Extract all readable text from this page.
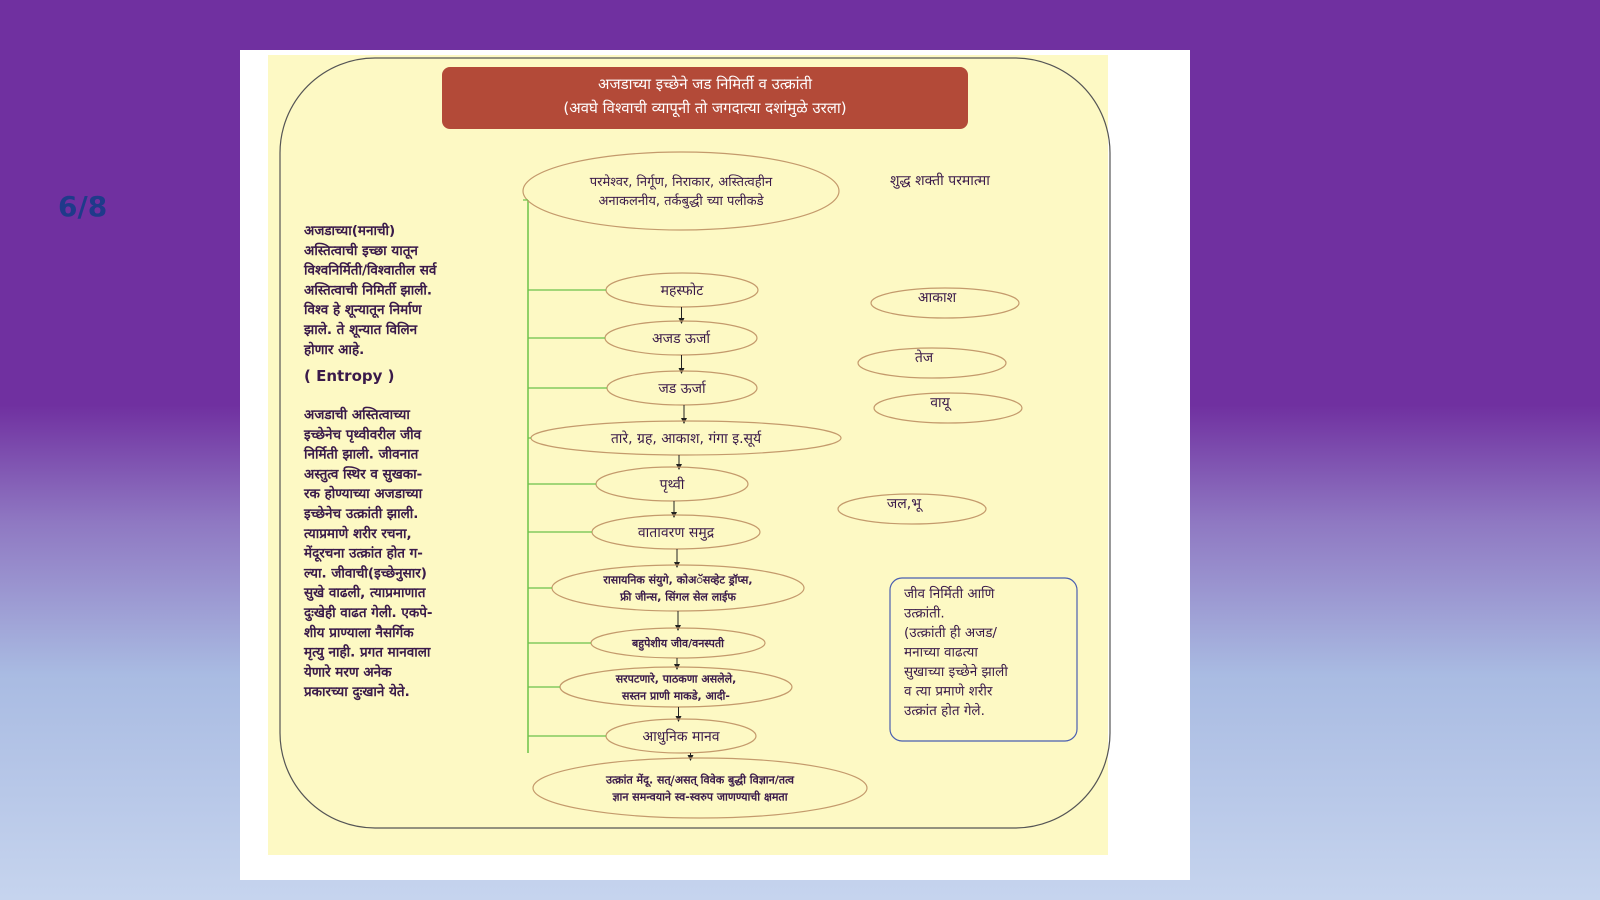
6/8
अजडाच्या इच्छेने जड निमिर्ती व उत्क्रांती
(अवघे विश्वाची व्यापूनी तो जगदात्या दशांमुळे उरला)
परमेश्वर, निर्गूण, निराकार, अस्तित्वहीन
अनाकलनीय, तर्कबुद्धी च्या पलीकडे
महस्फोट
अजड ऊर्जा
जड ऊर्जा
तारे, ग्रह, आकाश, गंगा इ.सूर्य
पृथ्वी
वातावरण समुद्र
रासायनिक संयुगे, कोअॅसव्हेट ड्रॉप्स,
फ्री जीन्स, सिंगल सेल लाईफ
बहुपेशीय जीव/वनस्पती
सरपटणारे, पाठकणा असलेले,
सस्तन प्राणी माकडे, आदी-
आधुनिक मानव
उत्क्रांत मेंदू. सत्/असत् विवेक बुद्धी विज्ञान/तत्व
ज्ञान समन्वयाने स्व-स्वरुप जाणण्याची क्षमता
शुद्ध शक्ती परमात्मा
आकाश
तेज
वायू
जल,भू
जीव निर्मिती आणि
उत्क्रांती.
(उत्क्रांती ही अजड/
मनाच्या वाढत्या
सुखाच्या इच्छेने झाली
व त्या प्रमाणे शरीर
उत्क्रांत होत गेले.
अजडाच्या(मनाची)
अस्तित्वाची इच्छा यातून
विश्वनिर्मिती/विश्वातील सर्व
अस्तित्वाची निमिर्ती झाली.
विश्व हे शून्यातून निर्माण
झाले. ते शून्यात विलिन
होणार आहे.
( Entropy )
अजडाची अस्तित्वाच्या
इच्छेनेच पृथ्वीवरील जीव
निर्मिती झाली. जीवनात
अस्तुत्व स्थिर व सुखका-
रक होण्याच्या अजडाच्या
इच्छेनेच उत्क्रांती झाली.
त्याप्रमाणे शरीर रचना,
मेंदूरचना उत्क्रांत होत ग-
ल्या. जीवाची(इच्छेनुसार)
सुखे वाढली, त्याप्रमाणात
दुःखेही वाढत गेली. एकपे-
शीय प्राण्याला नैसर्गिक
मृत्यु नाही. प्रगत मानवाला
येणारे मरण अनेक
प्रकारच्या दुःखाने येते.
